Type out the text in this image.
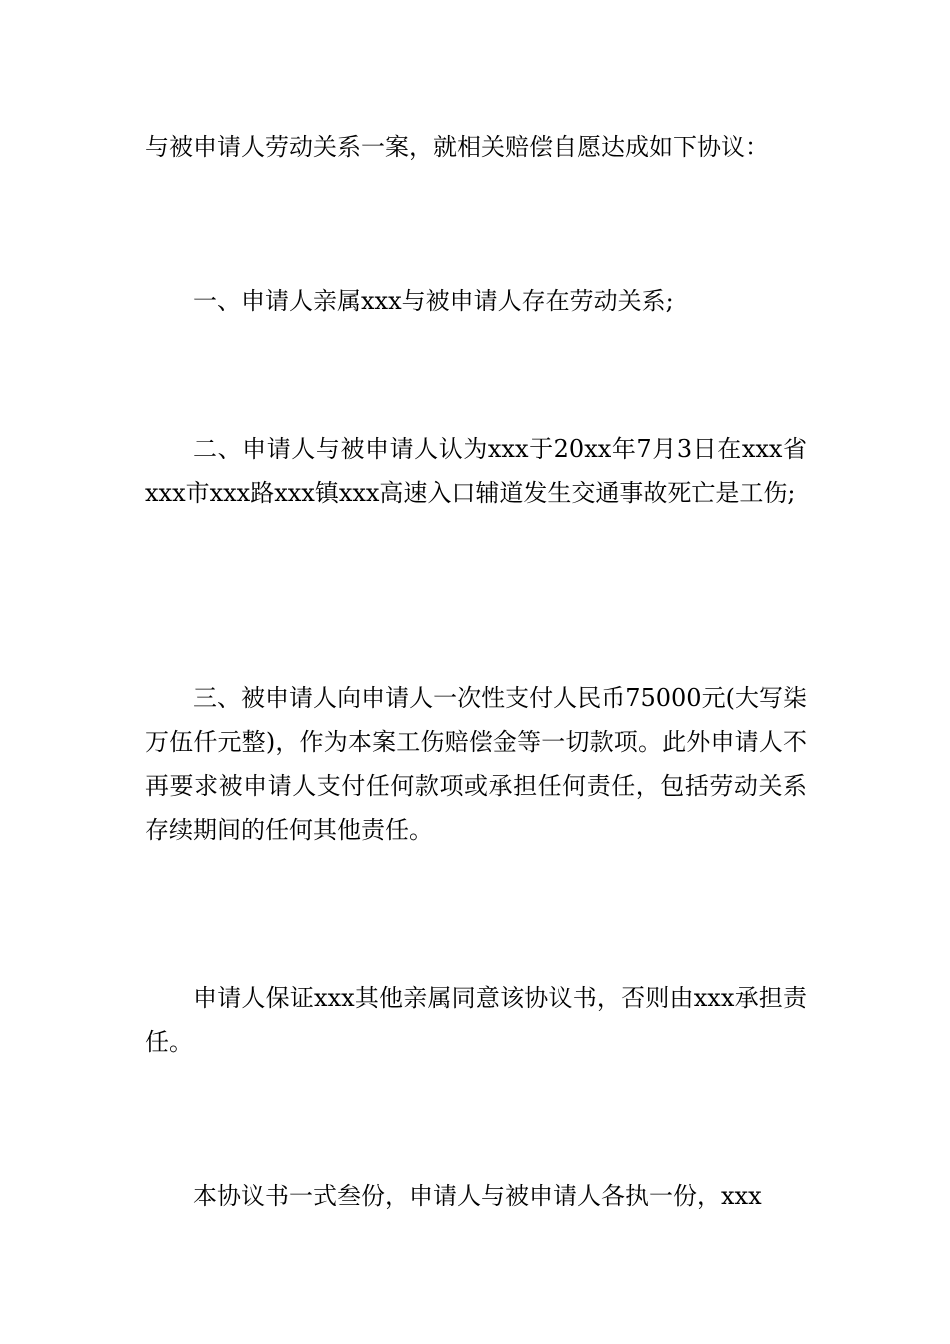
与被申请人劳动关系一案，就相关赔偿自愿达成如下协议：

一、申请人亲属xxx与被申请人存在劳动关系;

二、申请人与被申请人认为xxx于20xx年7月3日在xxx省xxx市xxx路xxx镇xxx高速入口辅道发生交通事故死亡是工伤;

三、被申请人向申请人一次性支付人民币75000元(大写柒万伍仟元整)，作为本案工伤赔偿金等一切款项。此外申请人不再要求被申请人支付任何款项或承担任何责任，包括劳动关系存续期间的任何其他责任。

申请人保证xxx其他亲属同意该协议书，否则由xxx承担责任。

本协议书一式叁份，申请人与被申请人各执一份，xxx
